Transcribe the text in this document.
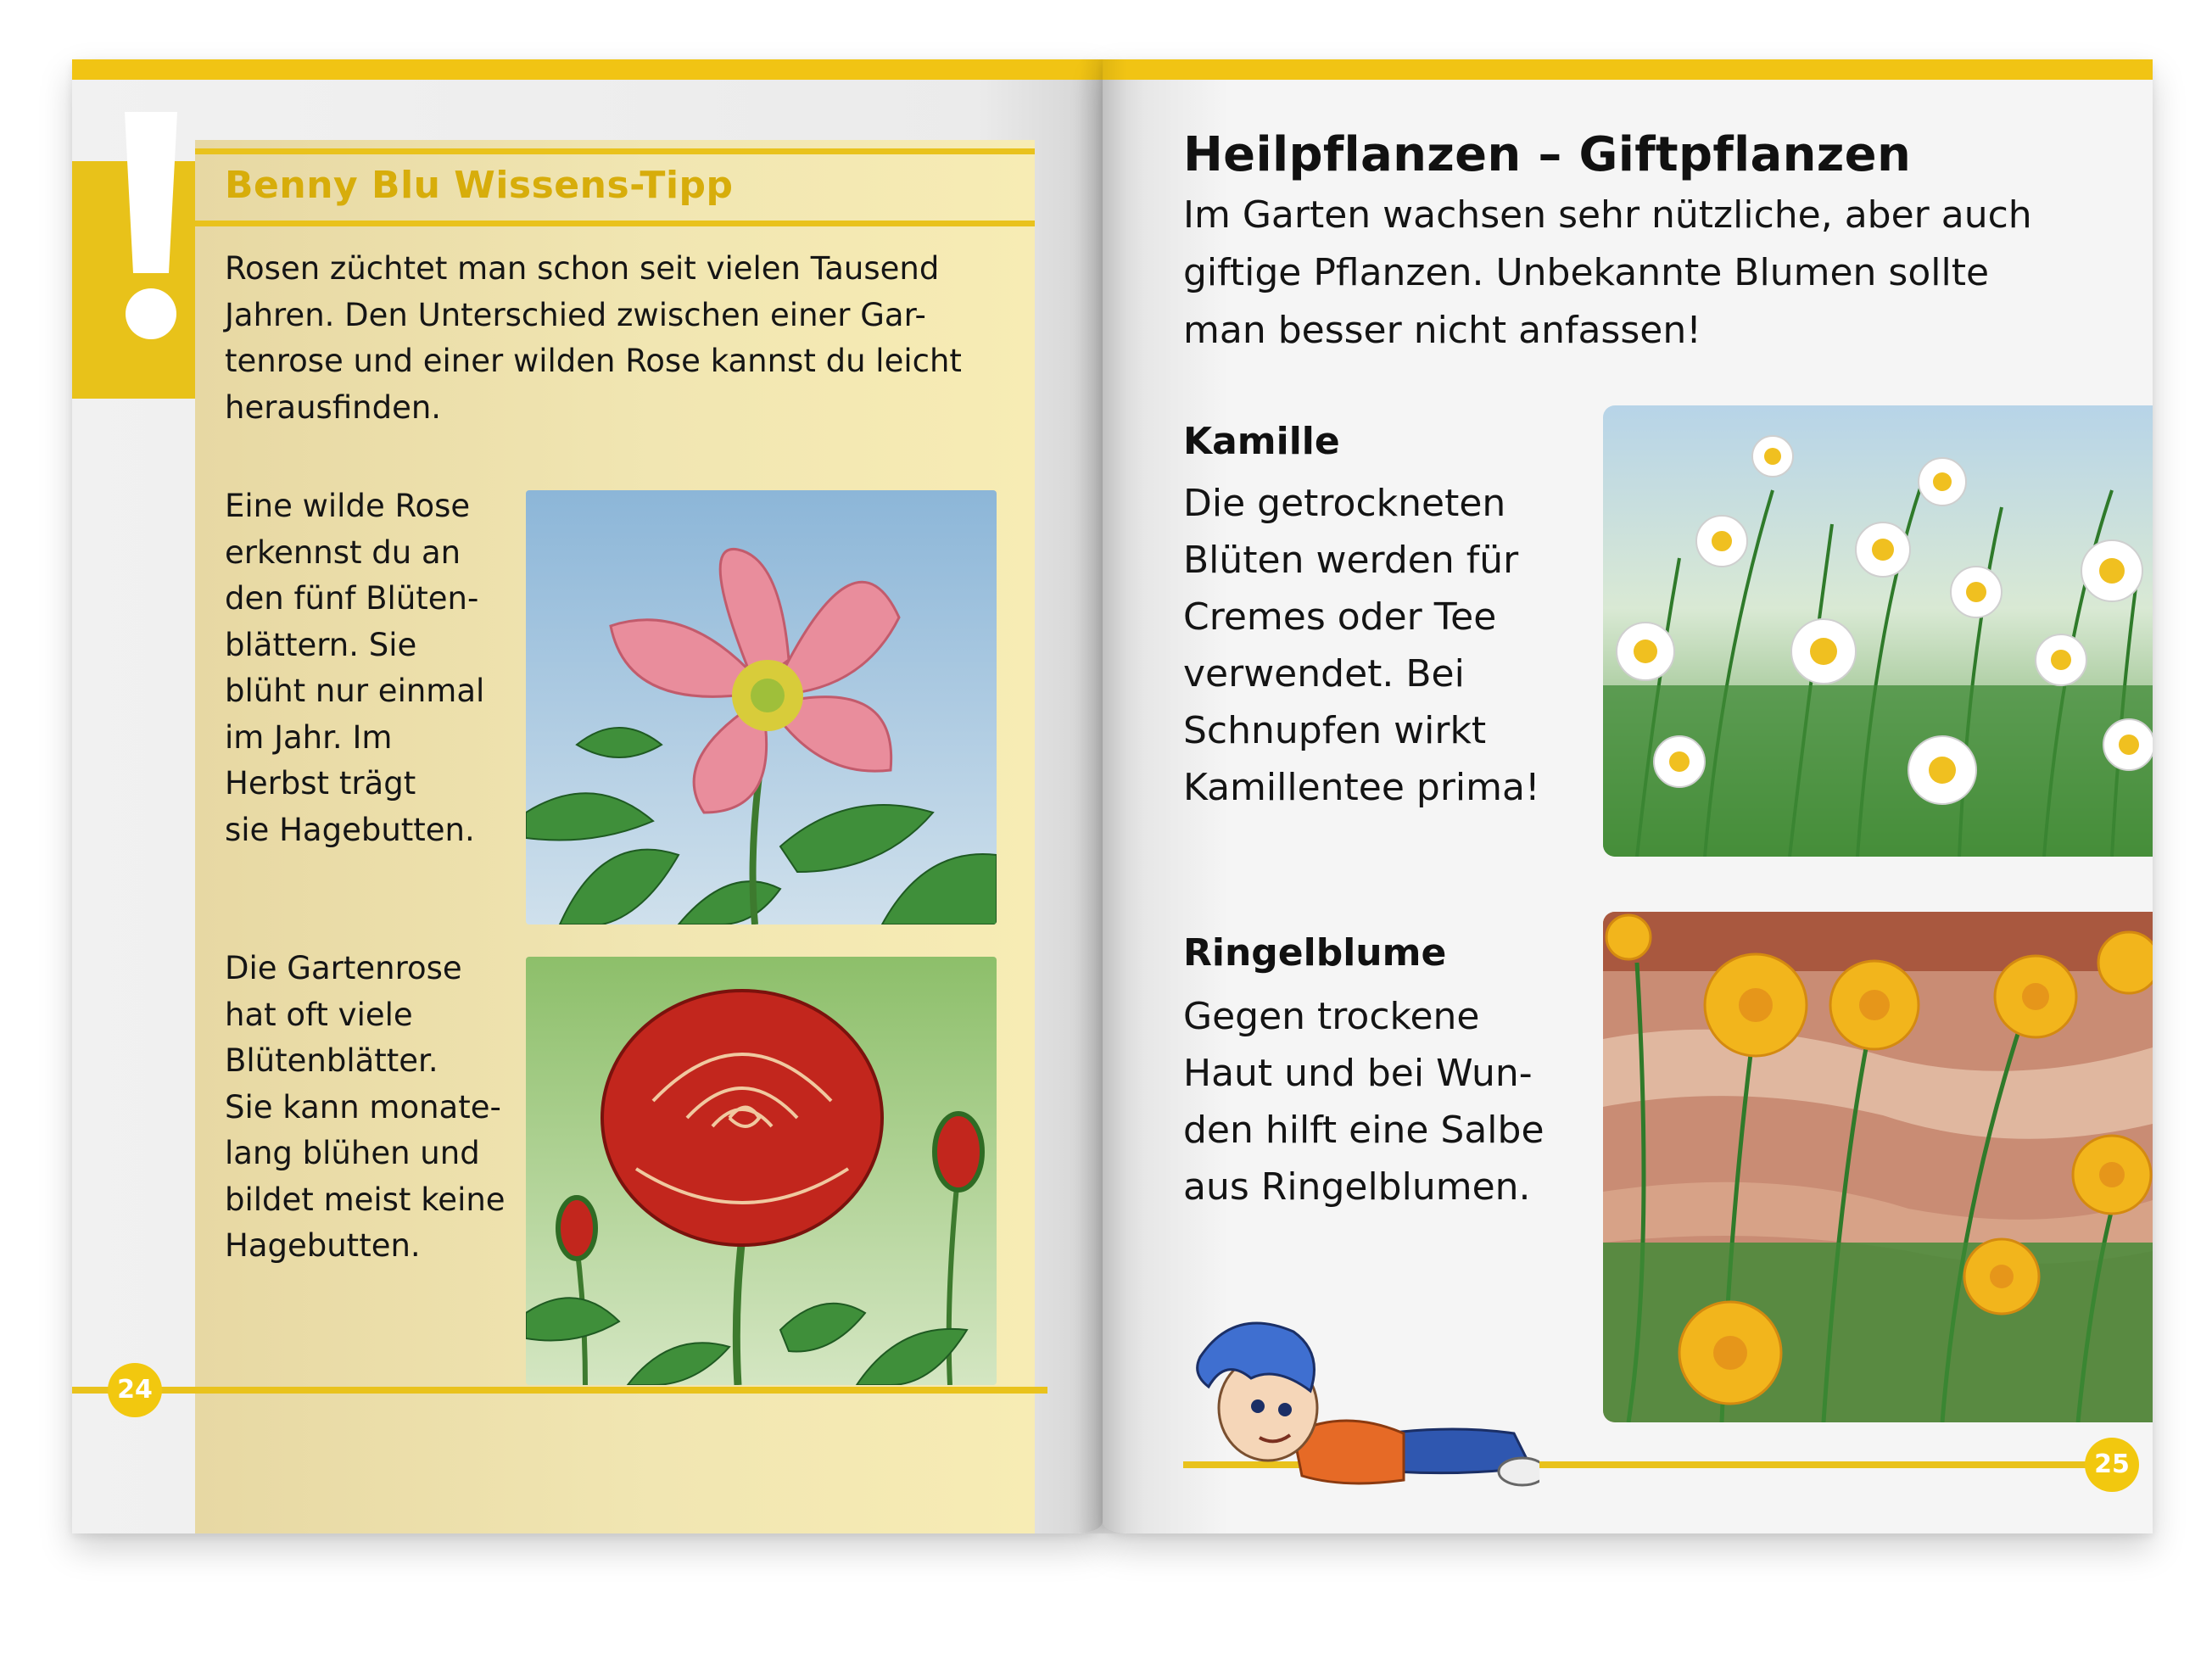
Benny Blu Wissens-Tipp

Rosen züchtet man schon seit vielen Tausend
Jahren. Den Unterschied zwischen einer Gar-
tenrose und einer wilden Rose kannst du leicht
herausfinden.

Eine wilde Rose
erkennst du an
den fünf Blüten-
blättern. Sie
blüht nur einmal
im Jahr. Im
Herbst trägt
sie Hagebutten.

Die Gartenrose
hat oft viele
Blütenblätter.
Sie kann monate-
lang blühen und
bildet meist keine
Hagebutten.

24
Heilpflanzen – Giftpflanzen

Im Garten wachsen sehr nützliche, aber auch
giftige Pflanzen. Unbekannte Blumen sollte
man besser nicht anfassen!

Kamille

Die getrockneten
Blüten werden für
Cremes oder Tee
verwendet. Bei
Schnupfen wirkt
Kamillentee prima!

Ringelblume

Gegen trockene
Haut und bei Wun-
den hilft eine Salbe
aus Ringelblumen.

25
